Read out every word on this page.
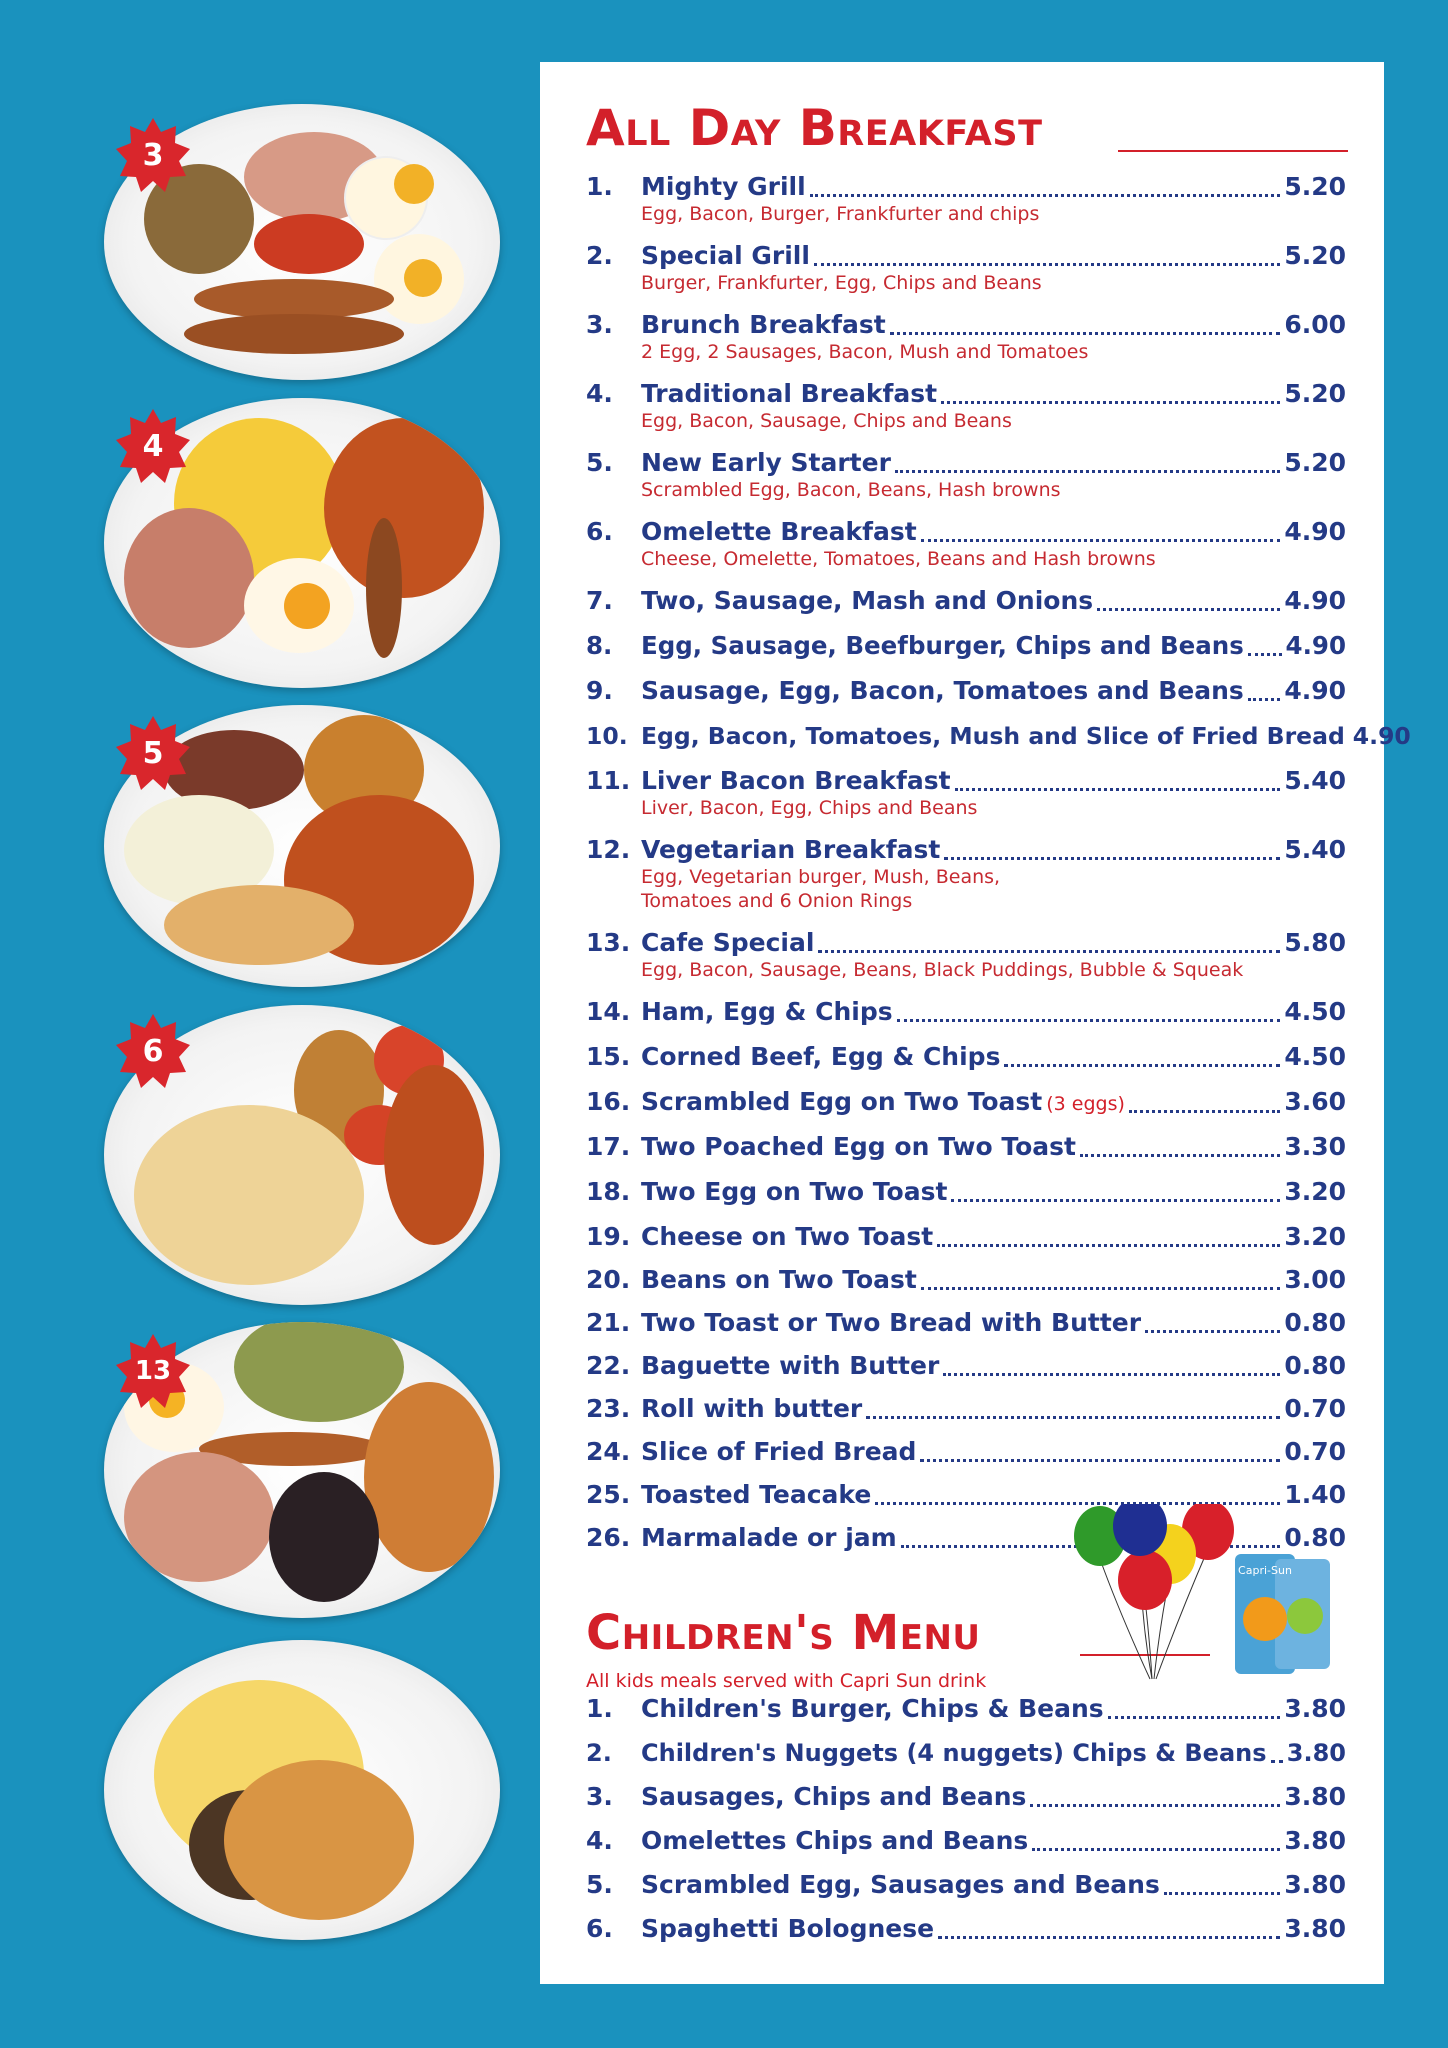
3
4
5
6
13
All Day Breakfast
1.	Mighty Grill	5.20
Egg, Bacon, Burger, Frankfurter and chips
2.	Special Grill	5.20
Burger, Frankfurter, Egg, Chips and Beans
3.	Brunch Breakfast	6.00
2 Egg, 2 Sausages, Bacon, Mush and Tomatoes
4.	Traditional Breakfast	5.20
Egg, Bacon, Sausage, Chips and Beans
5.	New Early Starter	5.20
Scrambled Egg, Bacon, Beans, Hash browns
6.	Omelette Breakfast	4.90
Cheese, Omelette, Tomatoes, Beans and Hash browns
7.	Two, Sausage, Mash and Onions	4.90
8.	Egg, Sausage, Beefburger, Chips and Beans 4.90
9.	Sausage, Egg, Bacon, Tomatoes and Beans 4.90
10. Egg, Bacon, Tomatoes, Mush and Slice of Fried Bread 4.90
11. Liver Bacon Breakfast	5.40
Liver, Bacon, Egg, Chips and Beans
12. Vegetarian Breakfast	5.40
Egg, Vegetarian burger, Mush, Beans,
Tomatoes and 6 Onion Rings
13. Cafe Special	5.80
Egg, Bacon, Sausage, Beans, Black Puddings, Bubble & Squeak
14. Ham, Egg & Chips	4.50
15. Corned Beef, Egg & Chips	4.50
16. Scrambled Egg on Two Toast (3 eggs)	3.60
17. Two Poached Egg on Two Toast	3.30
18. Two Egg on Two Toast	3.20
19. Cheese on Two Toast	3.20
20. Beans on Two Toast	3.00
21. Two Toast or Two Bread with Butter	0.80
22. Baguette with Butter	0.80
23. Roll with butter	0.70
24. Slice of Fried Bread	0.70
25. Toasted Teacake	1.40
26. Marmalade or jam	0.80
Children's Menu
All kids meals served with Capri Sun drink
1.	Children's Burger, Chips & Beans	3.80
2.	Children's Nuggets (4 nuggets) Chips & Beans 3.80
3.	Sausages, Chips and Beans	3.80
4.	Omelettes Chips and Beans	3.80
5.	Scrambled Egg, Sausages and Beans	3.80
6.	Spaghetti Bolognese	3.80
Capri-Sun
